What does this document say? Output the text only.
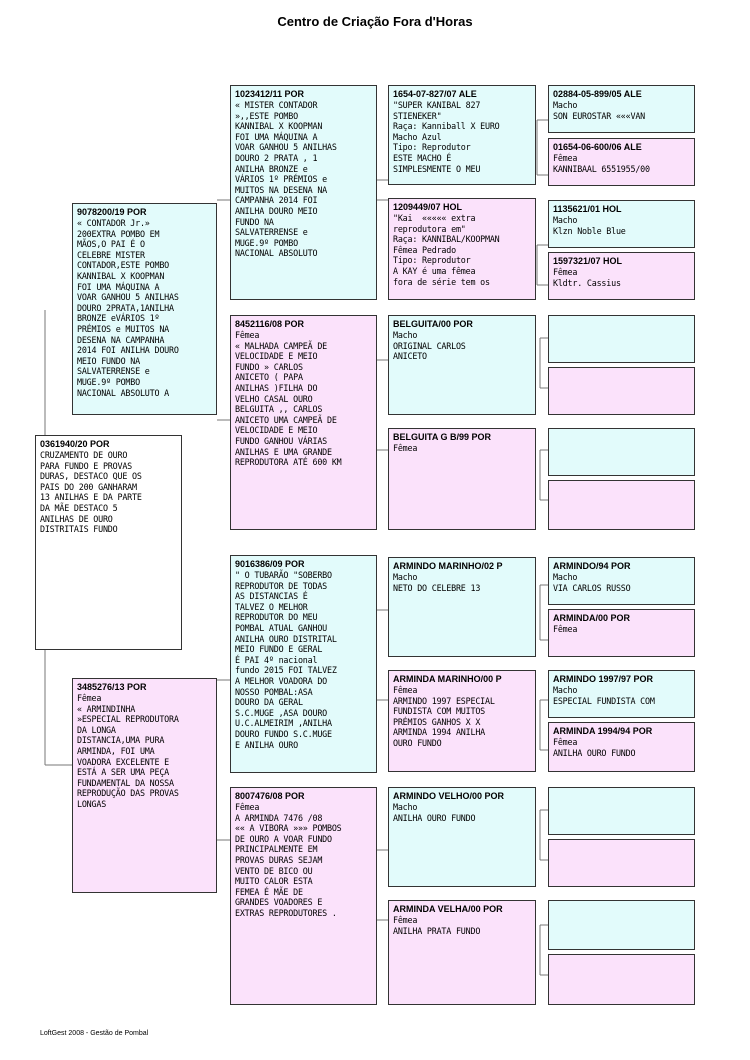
Centro de Criação Fora d'Horas
0361940/20 POR
CRUZAMENTO DE OURO
PARA FUNDO E PROVAS
DURAS, DESTACO QUE OS
PAIS DO 200 GANHARAM
13 ANILHAS E DA PARTE
DA MÃE DESTACO 5
ANILHAS DE OURO
DISTRITAIS FUNDO
9078200/19 POR
« CONTADOR Jr.»
200EXTRA POMBO EM
MÃOS,O PAI É O
CELEBRE MISTER
CONTADOR,ESTE POMBO
KANNIBAL X KOOPMAN
FOI UMA MÁQUINA A
VOAR GANHOU 5 ANILHAS
DOURO 2PRATA,1ANILHA
BRONZE eVÁRIOS 1º
PRÉMIOS e MUITOS NA
DESENA NA CAMPANHA
2014 FOI ANILHA DOURO
MEIO FUNDO NA
SALVATERRENSE e
MUGE.9º POMBO
NACIONAL ABSOLUTO A
3485276/13 POR
Fêmea
« ARMINDINHA
»ESPECIAL REPRODUTORA
DA LONGA
DISTANCIA,UMA PURA
ARMINDA, FOI UMA
VOADORA EXCELENTE E
ESTÁ A SER UMA PEÇA
FUNDAMENTAL DA NOSSA
REPRODUÇÃO DAS PROVAS
LONGAS
1023412/11 POR
« MISTER CONTADOR
»,,ESTE POMBO
KANNIBAL X KOOPMAN
FOI UMA MÁQUINA A
VOAR GANHOU 5 ANILHAS
DOURO 2 PRATA , 1
ANILHA BRONZE e
VÁRIOS 1º PRÉMIOS e
MUITOS NA DESENA NA
CAMPANHA 2014 FOI
ANILHA DOURO MEIO
FUNDO NA
SALVATERRENSE e
MUGE.9º POMBO
NACIONAL ABSOLUTO
8452116/08 POR
Fêmea
« MALHADA CAMPEÃ DE
VELOCIDADE E MEIO
FUNDO » CARLOS
ANICETO ( PAPA
ANILHAS )FILHA DO
VELHO CASAL OURO
BELGUITA ,, CARLOS
ANICETO UMA CAMPEÃ DE
VELOCIDADE E MEIO
FUNDO GANHOU VÁRIAS
ANILHAS E UMA GRANDE
REPRODUTORA ATÉ 600 KM
9016386/09 POR
" O TUBARÃO "SOBERBO
REPRODUTOR DE TODAS
AS DISTANCIAS É
TALVEZ O MELHOR
REPRODUTOR DO MEU
POMBAL ATUAL GANHOU
ANILHA OURO DISTRITAL
MEIO FUNDO E GERAL
É PAI 4º nacional
fundo 2015 FOI TALVEZ
A MELHOR VOADORA DO
NOSSO POMBAL:ASA
DOURO DA GERAL
S.C.MUGE ,ASA DOURO
U.C.ALMEIRIM ,ANILHA
DOURO FUNDO S.C.MUGE
E ANILHA OURO
8007476/08 POR
Fêmea
A ARMINDA 7476 /08
«« A VIBORA »»» POMBOS
DE OURO A VOAR FUNDO
PRINCIPALMENTE EM
PROVAS DURAS SEJAM
VENTO DE BICO OU
MUITO CALOR ESTA
FEMEA É MÃE DE
GRANDES VOADORES E
EXTRAS REPRODUTORES .
1654-07-827/07 ALE
"SUPER KANIBAL 827
STIENEKER"
Raça: Kanniball X EURO
Macho Azul
Tipo: Reprodutor
ESTE MACHO É
SIMPLESMENTE O MEU
1209449/07 HOL
"Kai  ««««« extra
reprodutora em"
Raça: KANNIBAL/KOOPMAN
Fêmea Pedrado
Tipo: Reprodutor
A KAY é uma fêmea
fora de série tem os
BELGUITA/00 POR
Macho
ORIGINAL CARLOS
ANICETO
BELGUITA G B/99 POR
Fêmea
ARMINDO MARINHO/02 P
Macho
NETO DO CELEBRE 13
ARMINDA MARINHO/00 P
Fêmea
ARMINDO 1997 ESPECIAL
FUNDISTA COM MUITOS
PRÉMIOS GANHOS X X
ARMINDA 1994 ANILHA
OURO FUNDO
ARMINDO VELHO/00 POR
Macho
ANILHA OURO FUNDO
ARMINDA VELHA/00 POR
Fêmea
ANILHA PRATA FUNDO
02884-05-899/05 ALE
Macho
SON EUROSTAR «««VAN
01654-06-600/06 ALE
Fêmea
KANNIBAAL 6551955/00
1135621/01 HOL
Macho
Klzn Noble Blue
1597321/07 HOL
Fêmea
Kldtr. Cassius
ARMINDO/94 POR
Macho
VIA CARLOS RUSSO
ARMINDA/00 POR
Fêmea
ARMINDO 1997/97 POR
Macho
ESPECIAL FUNDISTA COM
ARMINDA 1994/94 POR
Fêmea
ANILHA OURO FUNDO
LoftGest 2008 - Gestão de Pombal
